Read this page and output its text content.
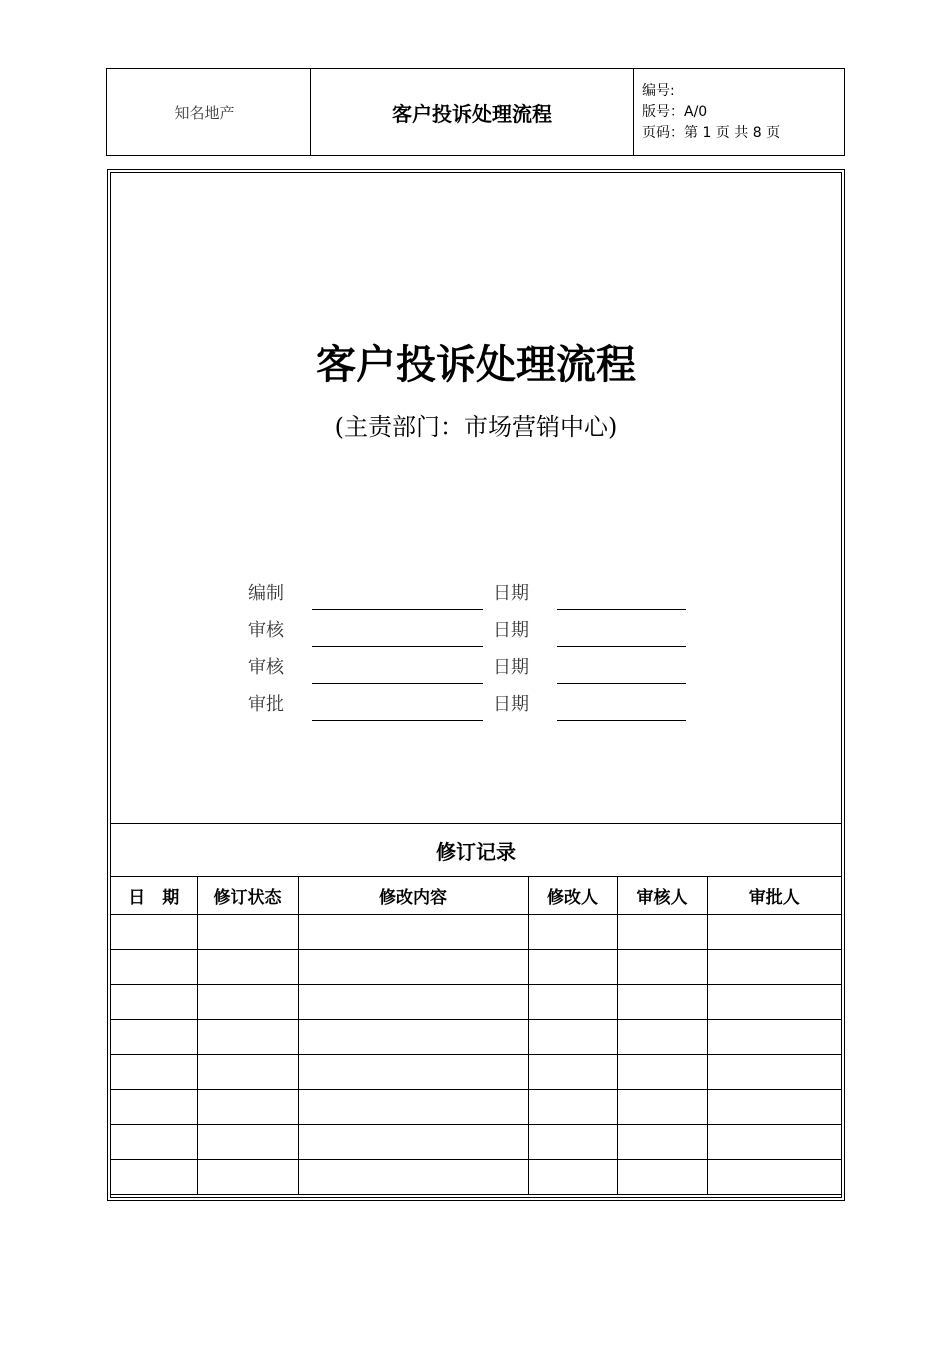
知名地产	客户投诉处理流程	
编号:
版号：A/0
页码：第 1 页 共 8 页
客户投诉处理流程
(主责部门：市场营销中心)
编制	日期
审核	日期
审核	日期
审批	日期
修订记录					
日　期	修订状态	修改内容	修改人	审核人	审批人
